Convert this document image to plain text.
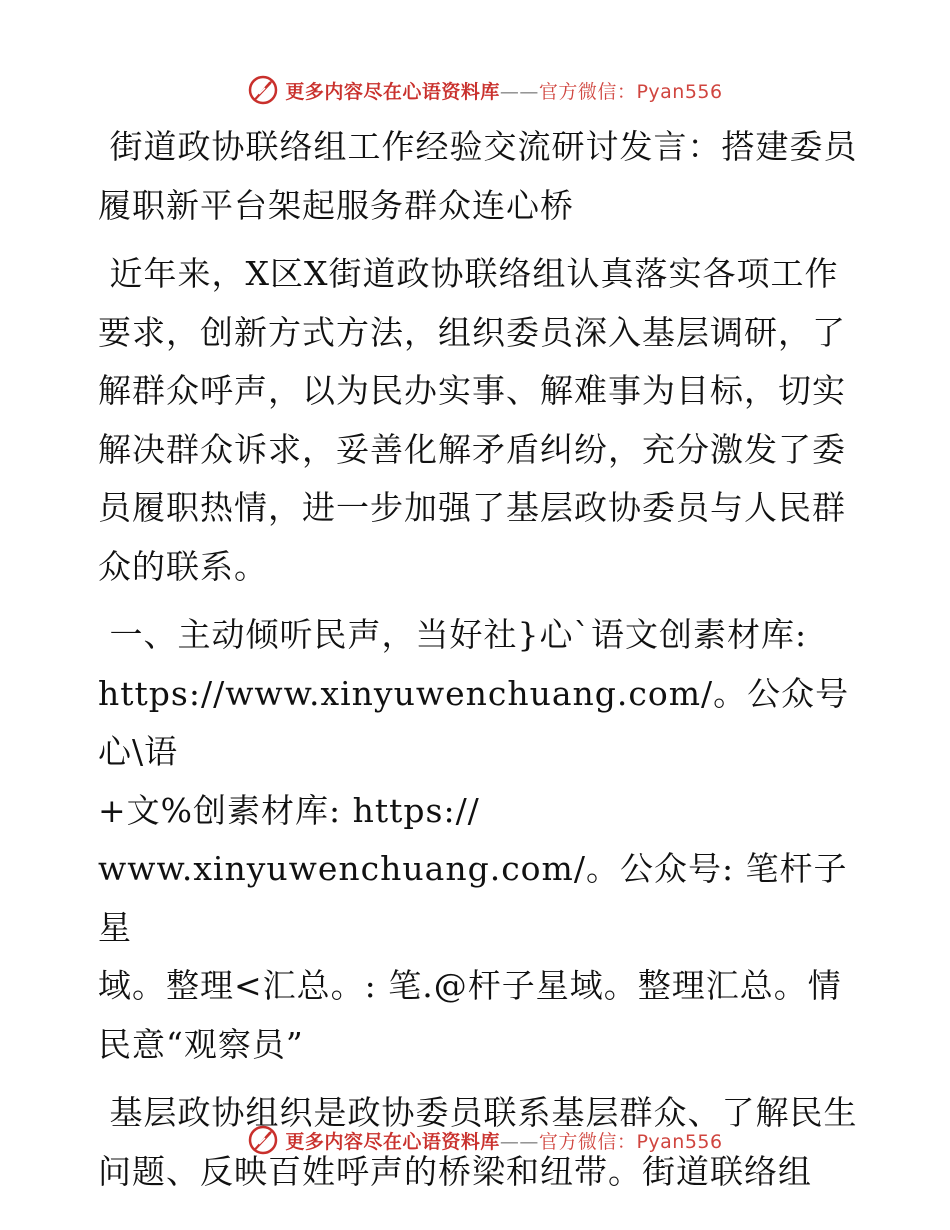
更多内容尽在心语资料库——官方微信：Pyan556

街道政协联络组工作经验交流研讨发言：搭建委员履职新平台架起服务群众连心桥

近年来，X区X街道政协联络组认真落实各项工作要求，创新方式方法，组织委员深入基层调研，了解群众呼声，以为民办实事、解难事为目标，切实解决群众诉求，妥善化解矛盾纠纷，充分激发了委员履职热情，进一步加强了基层政协委员与人民群众的联系。

一、主动倾听民声，当好社}心`语文创素材库:
https://www.xinyuwenchuang.com/。公众号心\语
+文%创素材库: https://
www.xinyuwenchuang.com/。公众号: 笔杆子星
域。整理<汇总。: 笔.@杆子星域。整理汇总。情
民意“观察员”

基层政协组织是政协委员联系基层群众、了解民生问题、反映百姓呼声的桥梁和纽带。街道联络组

更多内容尽在心语资料库——官方微信：Pyan556
